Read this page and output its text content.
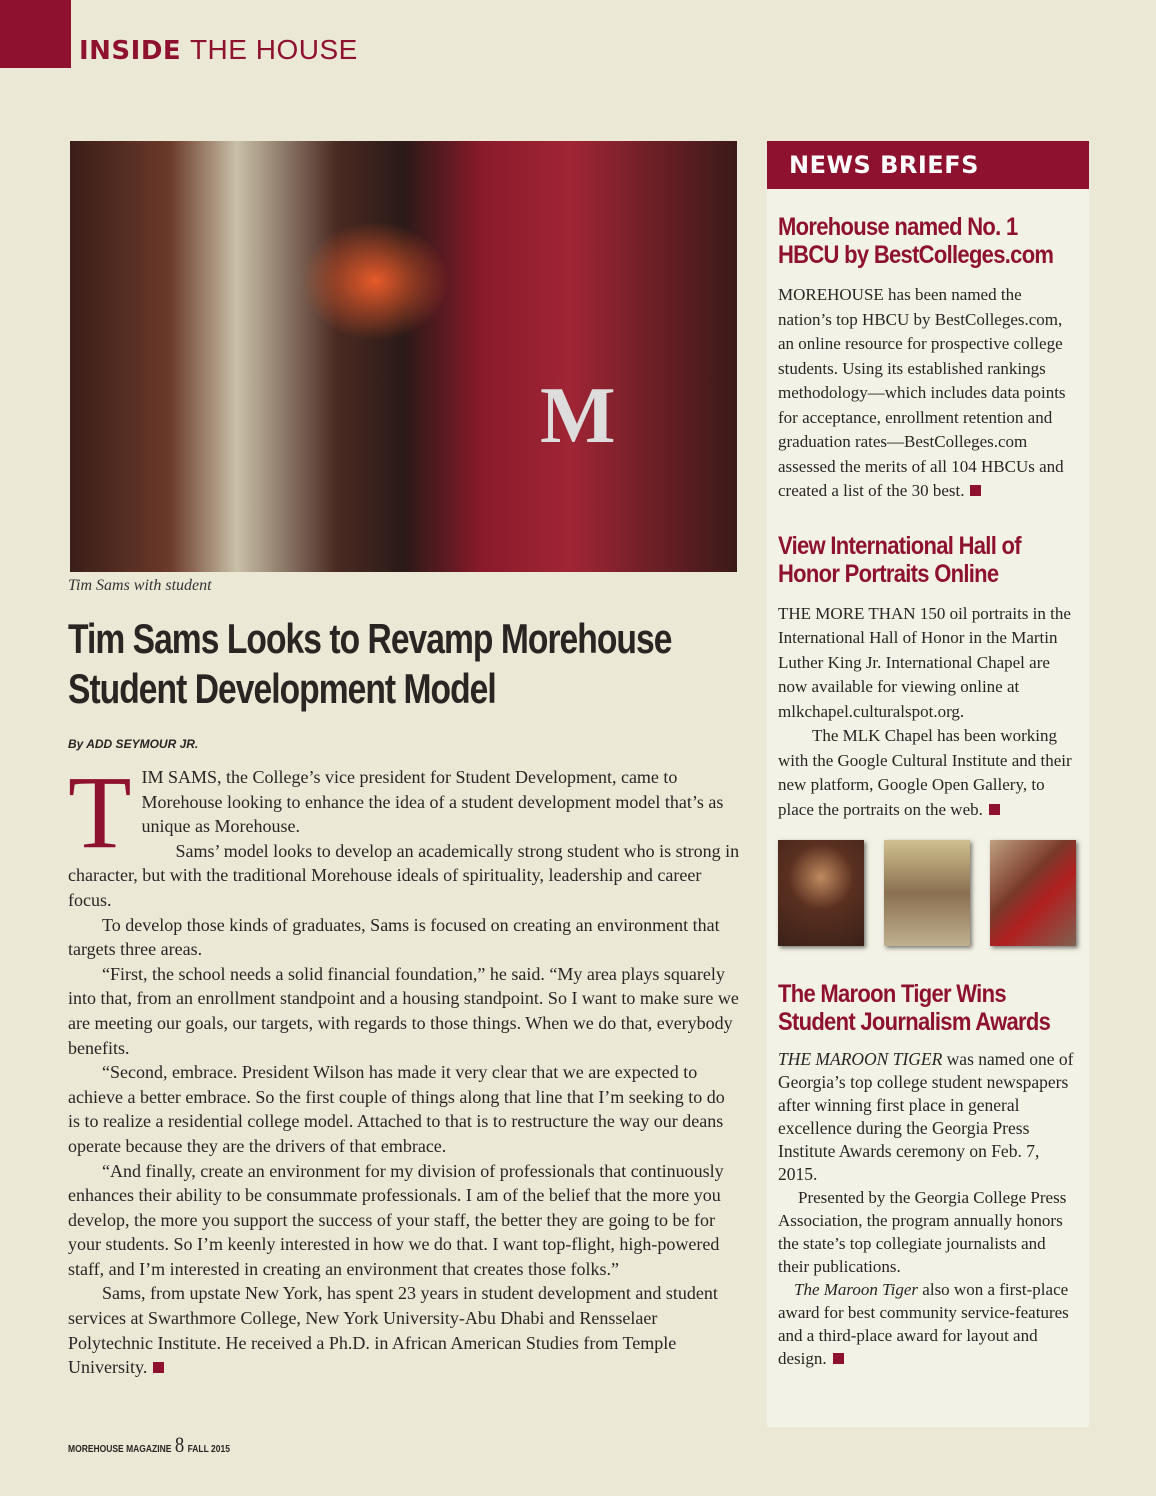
INSIDE THE HOUSE
M
Tim Sams with student
Tim Sams Looks to Revamp Morehouse Student Development Model
By ADD SEYMOUR JR.

TIM SAMS, the College’s vice president for Student Development, came to Morehouse looking to enhance the idea of a student development model that’s as unique as Morehouse.

Sams’ model looks to develop an academically strong student who is strong in character, but with the traditional Morehouse ideals of spirituality, leadership and career focus.

To develop those kinds of graduates, Sams is focused on creating an environment that targets three areas.

“First, the school needs a solid financial foundation,” he said. “My area plays squarely into that, from an enrollment standpoint and a housing standpoint. So I want to make sure we are meeting our goals, our targets, with regards to those things. When we do that, everybody benefits.

“Second, embrace. President Wilson has made it very clear that we are expected to achieve a better embrace. So the first couple of things along that line that I’m seeking to do is to realize a residential college model. Attached to that is to restructure the way our deans operate because they are the drivers of that embrace.

“And finally, create an environment for my division of professionals that continuously enhances their ability to be consummate professionals. I am of the belief that the more you develop, the more you support the success of your staff, the better they are going to be for your students. So I’m keenly interested in how we do that. I want top-flight, high-powered staff, and I’m interested in creating an environment that creates those folks.”

Sams, from upstate New York, has spent 23 years in student development and student services at Swarthmore College, New York University-Abu Dhabi and Rensselaer Polytechnic Institute. He received a Ph.D. in African American Studies from Temple University.

MOREHOUSE MAGAZINE 8 FALL 2015
NEWS BRIEFS
Morehouse named No. 1 HBCU by BestColleges.com

MOREHOUSE has been named the nation’s top HBCU by BestColleges.com, an online resource for prospective college students. Using its established rankings methodology—which includes data points for acceptance, enrollment retention and graduation rates—BestColleges.com assessed the merits of all 104 HBCUs and created a list of the 30 best.

View International Hall of Honor Portraits Online

THE MORE THAN 150 oil portraits in the International Hall of Honor in the Martin Luther King Jr. International Chapel are now available for viewing online at mlkchapel.culturalspot.org.

The MLK Chapel has been working with the Google Cultural Institute and their new platform, Google Open Gallery, to place the portraits on the web.

The Maroon Tiger Wins Student Journalism Awards

THE MAROON TIGER was named one of Georgia’s top college student newspapers after winning first place in general excellence during the Georgia Press Institute Awards ceremony on Feb. 7, 2015.

Presented by the Georgia College Press Association, the program annually honors the state’s top collegiate journalists and their publications.

The Maroon Tiger also won a first-place award for best community service-features and a third-place award for layout and design.
